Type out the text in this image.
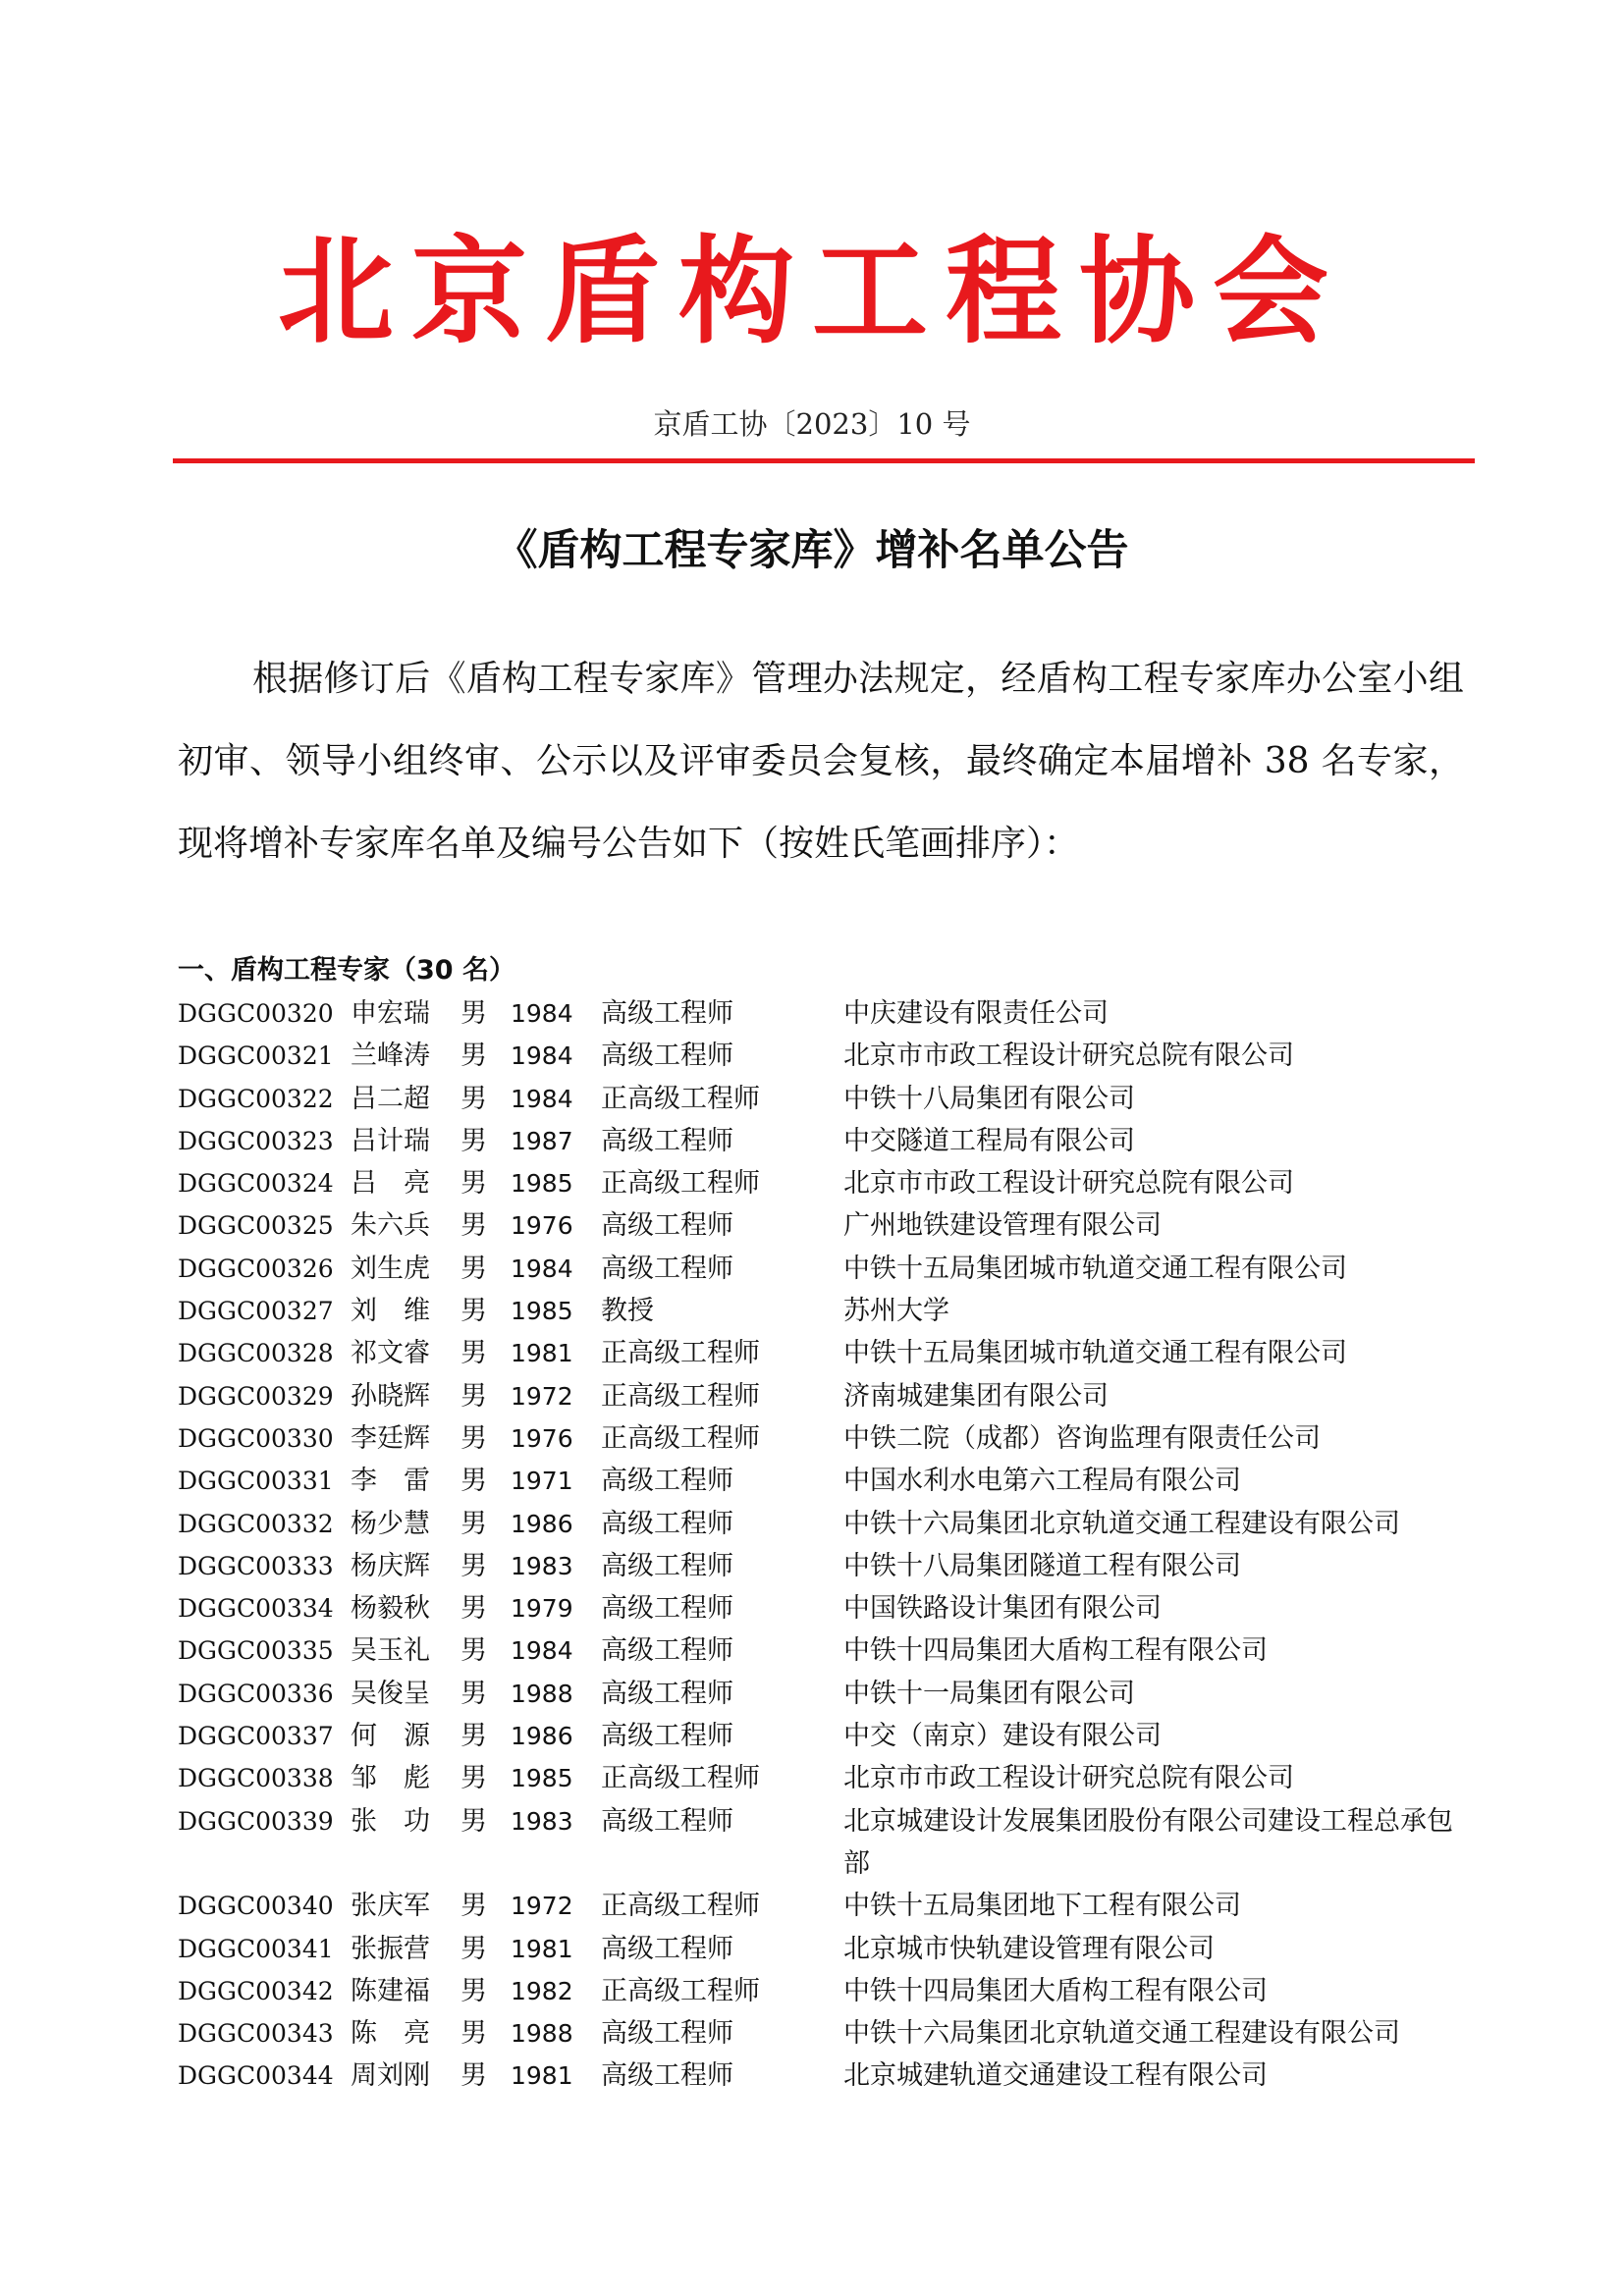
北京盾构工程协会
京盾工协〔2023〕10 号
《盾构工程专家库》增补名单公告
根据修订后《盾构工程专家库》管理办法规定，经盾构工程专家库办公室小组初审、领导小组终审、公示以及评审委员会复核，最终确定本届增补 38 名专家，现将增补专家库名单及编号公告如下（按姓氏笔画排序）：
一、盾构工程专家（30 名）
DGGC00320 申宏瑞	男 1984	高级工程师	中庆建设有限责任公司
DGGC00321 兰峰涛	男 1984	高级工程师	北京市市政工程设计研究总院有限公司
DGGC00322 吕二超	男 1984	正高级工程师	中铁十八局集团有限公司
DGGC00323 吕计瑞	男 1987	高级工程师	中交隧道工程局有限公司
DGGC00324 吕　亮	男 1985	正高级工程师	北京市市政工程设计研究总院有限公司
DGGC00325 朱六兵	男 1976	高级工程师	广州地铁建设管理有限公司
DGGC00326 刘生虎	男 1984	高级工程师	中铁十五局集团城市轨道交通工程有限公司
DGGC00327 刘　维	男 1985	教授	苏州大学
DGGC00328 祁文睿	男 1981	正高级工程师	中铁十五局集团城市轨道交通工程有限公司
DGGC00329 孙晓辉	男 1972	正高级工程师	济南城建集团有限公司
DGGC00330 李廷辉	男 1976	正高级工程师	中铁二院（成都）咨询监理有限责任公司
DGGC00331 李　雷	男 1971	高级工程师	中国水利水电第六工程局有限公司
DGGC00332 杨少慧	男 1986	高级工程师	中铁十六局集团北京轨道交通工程建设有限公司
DGGC00333 杨庆辉	男 1983	高级工程师	中铁十八局集团隧道工程有限公司
DGGC00334 杨毅秋	男 1979	高级工程师	中国铁路设计集团有限公司
DGGC00335 吴玉礼	男 1984	高级工程师	中铁十四局集团大盾构工程有限公司
DGGC00336 吴俊呈	男 1988	高级工程师	中铁十一局集团有限公司
DGGC00337 何　源	男 1986	高级工程师	中交（南京）建设有限公司
DGGC00338 邹　彪	男 1985	正高级工程师	北京市市政工程设计研究总院有限公司
DGGC00339 张　功	男 1983	高级工程师	北京城建设计发展集团股份有限公司建设工程总承包部
DGGC00340 张庆军	男 1972	正高级工程师	中铁十五局集团地下工程有限公司
DGGC00341 张振营	男 1981	高级工程师	北京城市快轨建设管理有限公司
DGGC00342 陈建福	男 1982	正高级工程师	中铁十四局集团大盾构工程有限公司
DGGC00343 陈　亮	男 1988	高级工程师	中铁十六局集团北京轨道交通工程建设有限公司
DGGC00344 周刘刚	男 1981	高级工程师	北京城建轨道交通建设工程有限公司
